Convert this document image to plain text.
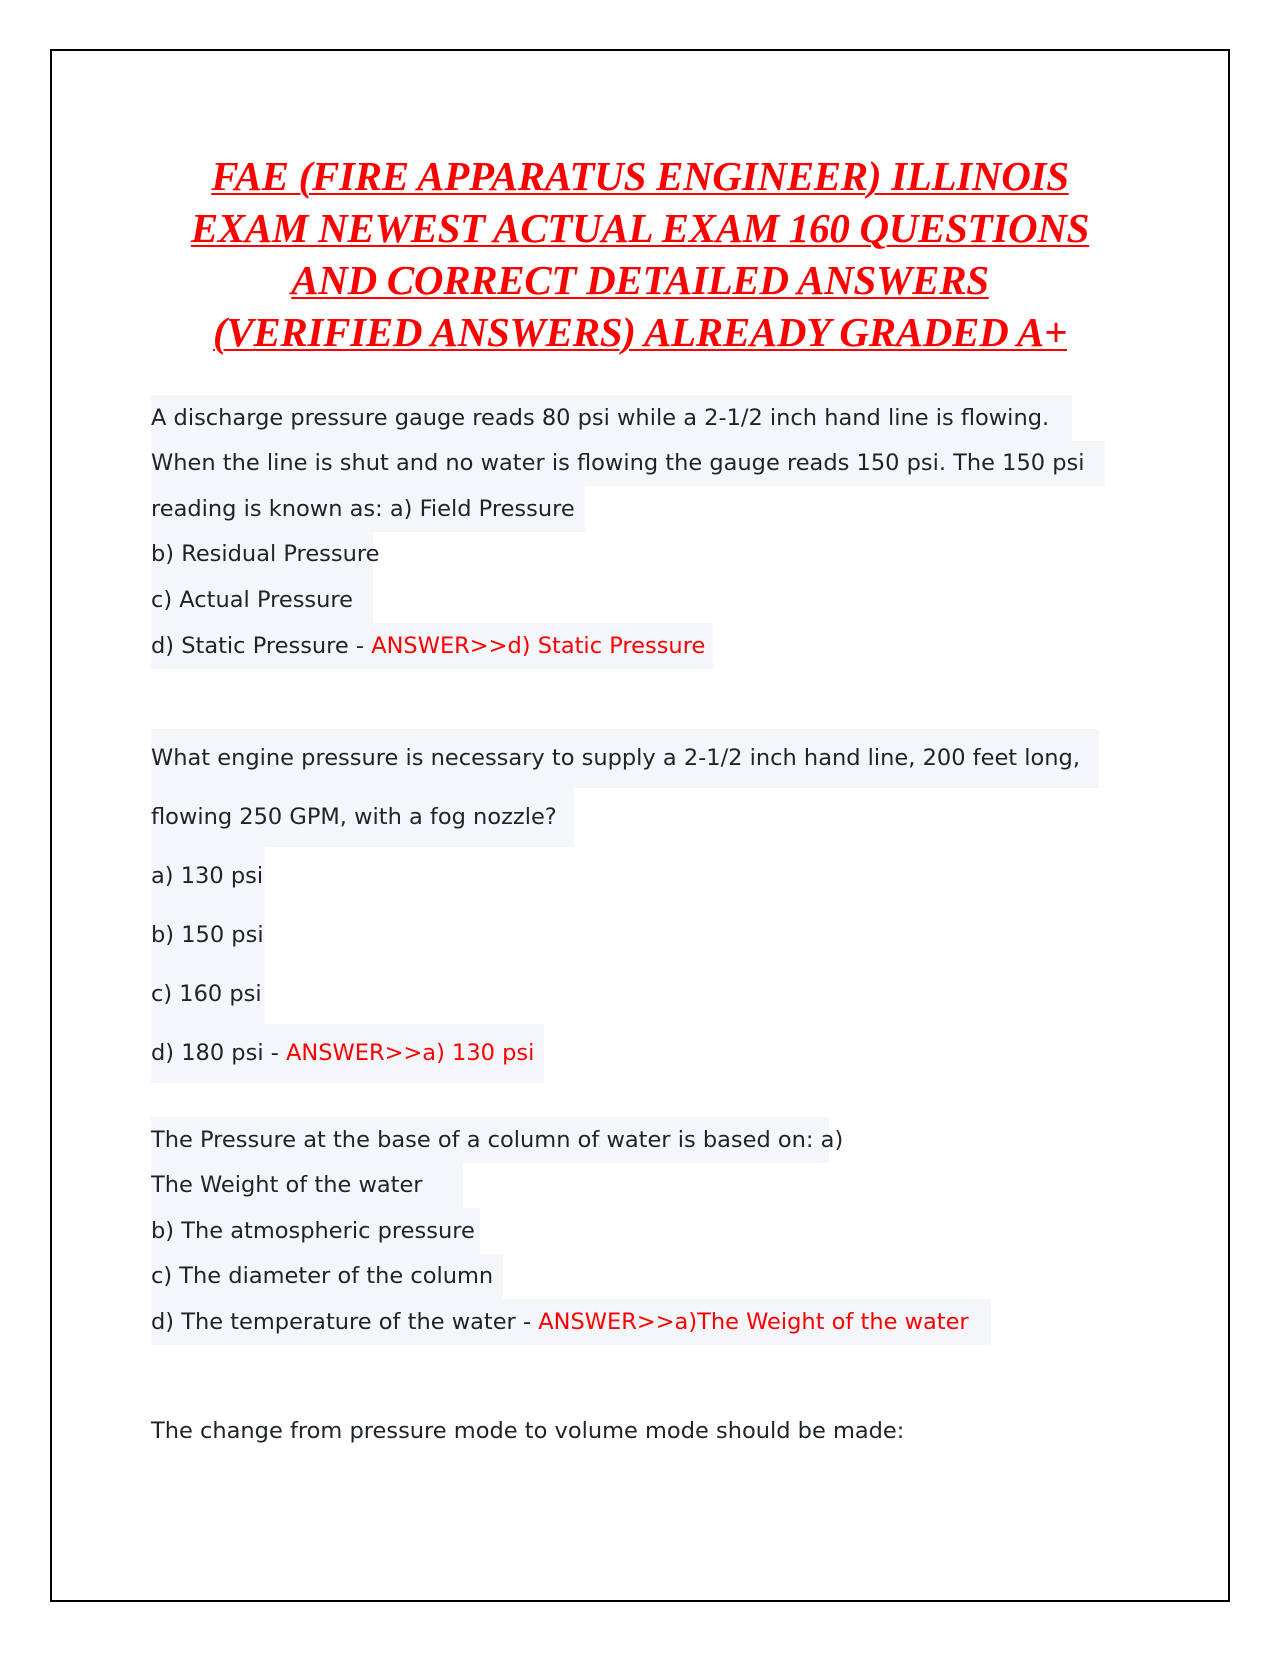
FAE (FIRE APPARATUS ENGINEER) ILLINOIS
EXAM NEWEST ACTUAL EXAM 160 QUESTIONS
AND CORRECT DETAILED ANSWERS
(VERIFIED ANSWERS) ALREADY GRADED A+
A discharge pressure gauge reads 80 psi while a 2-1/2 inch hand line is flowing.
When the line is shut and no water is flowing the gauge reads 150 psi. The 150 psi
reading is known as: a) Field Pressure
b) Residual Pressure
c) Actual Pressure
d) Static Pressure - ANSWER>>d) Static Pressure
What engine pressure is necessary to supply a 2-1/2 inch hand line, 200 feet long,
flowing 250 GPM, with a fog nozzle?
a) 130 psi
b) 150 psi
c) 160 psi
d) 180 psi - ANSWER>>a) 130 psi
The Pressure at the base of a column of water is based on: a)
The Weight of the water
b) The atmospheric pressure
c) The diameter of the column
d) The temperature of the water - ANSWER>>a)The Weight of the water
The change from pressure mode to volume mode should be made:
